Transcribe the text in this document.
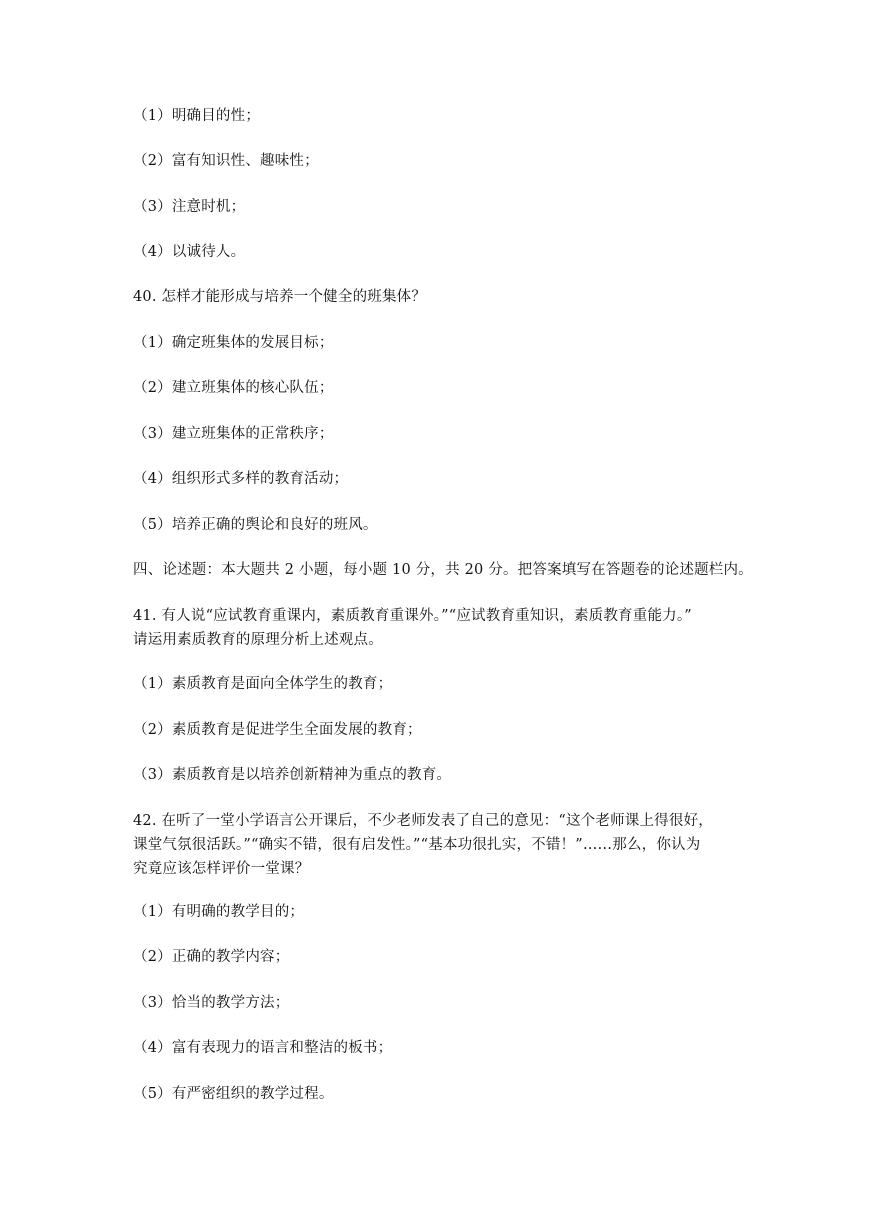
（1）明确目的性；
（2）富有知识性、趣味性；
（3）注意时机；
（4）以诚待人。
40. 怎样才能形成与培养一个健全的班集体？
（1）确定班集体的发展目标；
（2）建立班集体的核心队伍；
（3）建立班集体的正常秩序；
（4）组织形式多样的教育活动；
（5）培养正确的舆论和良好的班风。
四、论述题：本大题共 2 小题，每小题 10 分，共 20 分。把答案填写在答题卷的论述题栏内。
41. 有人说“应试教育重课内，素质教育重课外。”“应试教育重知识，素质教育重能力。”
请运用素质教育的原理分析上述观点。
（1）素质教育是面向全体学生的教育；
（2）素质教育是促进学生全面发展的教育；
（3）素质教育是以培养创新精神为重点的教育。
42. 在听了一堂小学语言公开课后，不少老师发表了自己的意见：“这个老师课上得很好，
课堂气氛很活跃。”“确实不错，很有启发性。”“基本功很扎实，不错！”……那么，你认为
究竟应该怎样评价一堂课？
（1）有明确的教学目的；
（2）正确的教学内容；
（3）恰当的教学方法；
（4）富有表现力的语言和整洁的板书；
（5）有严密组织的教学过程。
